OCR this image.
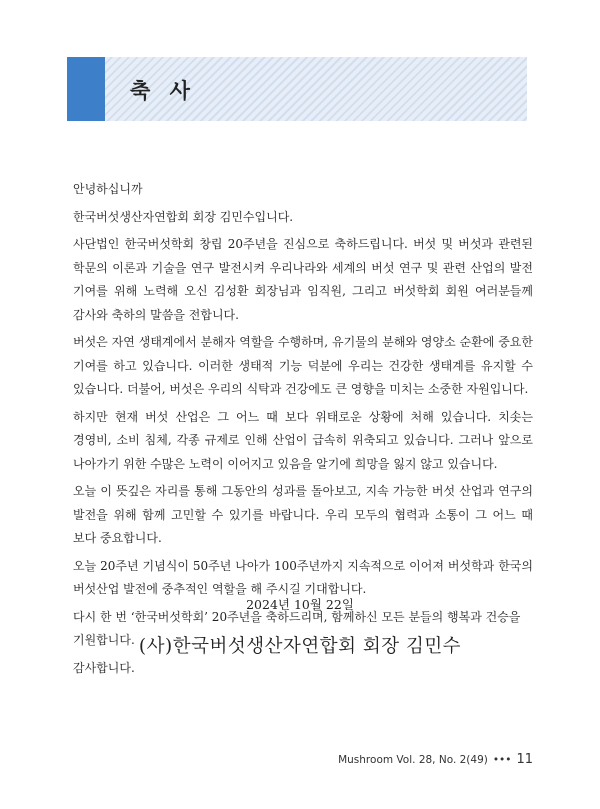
축 사

안녕하십니까

한국버섯생산자연합회 회장 김민수입니다.

사단법인 한국버섯학회 창립 20주년을 진심으로 축하드립니다. 버섯 및 버섯과 관련된 학문의 이론과 기술을 연구 발전시켜 우리나라와 세계의 버섯 연구 및 관련 산업의 발전 기여를 위해 노력해 오신 김성환 회장님과 임직원, 그리고 버섯학회 회원 여러분들께 감사와 축하의 말씀을 전합니다.

버섯은 자연 생태계에서 분해자 역할을 수행하며, 유기물의 분해와 영양소 순환에 중요한 기여를 하고 있습니다. 이러한 생태적 기능 덕분에 우리는 건강한 생태계를 유지할 수 있습니다. 더불어, 버섯은 우리의 식탁과 건강에도 큰 영향을 미치는 소중한 자원입니다.

하지만 현재 버섯 산업은 그 어느 때 보다 위태로운 상황에 처해 있습니다. 치솟는 경영비, 소비 침체, 각종 규제로 인해 산업이 급속히 위축되고 있습니다. 그러나 앞으로 나아가기 위한 수많은 노력이 이어지고 있음을 알기에 희망을 잃지 않고 있습니다.

오늘 이 뜻깊은 자리를 통해 그동안의 성과를 돌아보고, 지속 가능한 버섯 산업과 연구의 발전을 위해 함께 고민할 수 있기를 바랍니다. 우리 모두의 협력과 소통이 그 어느 때 보다 중요합니다.

오늘 20주년 기념식이 50주년 나아가 100주년까지 지속적으로 이어져 버섯학과 한국의 버섯산업 발전에 중추적인 역할을 해 주시길 기대합니다.

다시 한 번 ‘한국버섯학회’ 20주년을 축하드리며, 함께하신 모든 분들의 행복과 건승을 기원합니다.

감사합니다.

2024년 10월 22일
(사)한국버섯생산자연합회 회장 김민수
Mushroom Vol. 28, No. 2(49) ••• 11
